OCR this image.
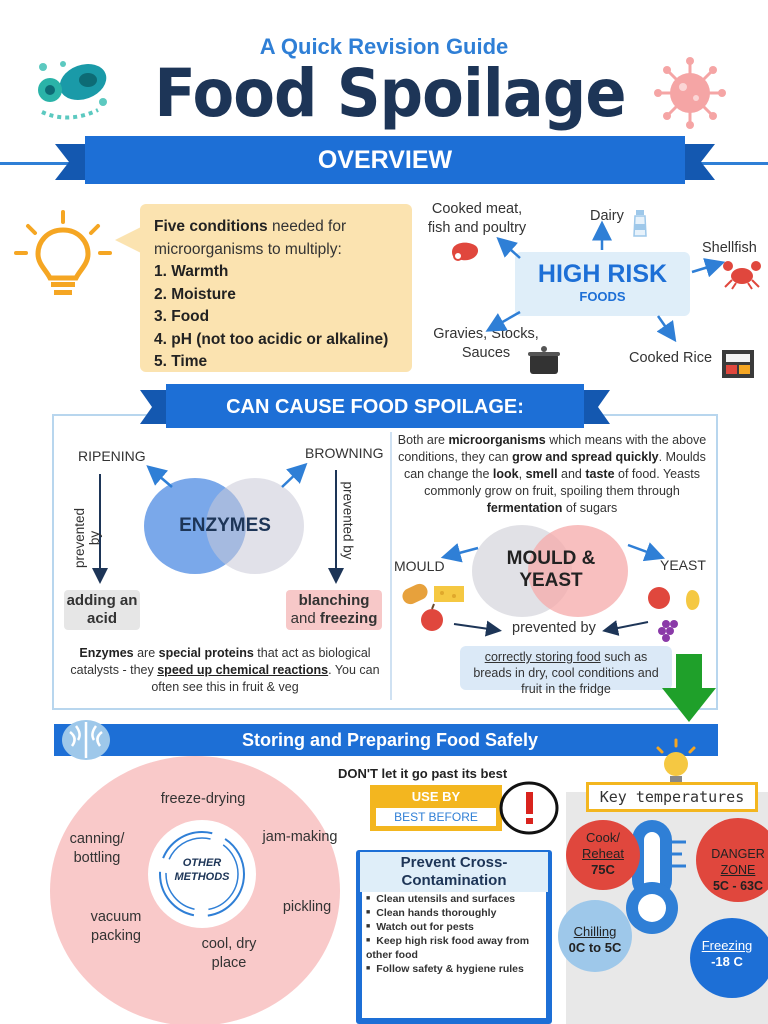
A Quick Revision Guide
Food Spoilage
OVERVIEW
Five conditions needed for microorganisms to multiply:
1. Warmth
2. Moisture
3. Food
4. pH (not too acidic or alkaline)
5. Time
HIGH RISK
FOODS
Cooked meat, fish and poultry
Dairy
Shellfish
Gravies, Stocks, Sauces	Cooked Rice
CAN CAUSE FOOD SPOILAGE:
ENZYMES
RIPENING	BROWNING
prevented by	prevented by
adding an acid
blanching
and freezing
Enzymes are special proteins that act as biological catalysts - they speed up chemical reactions. You can often see this in fruit & veg
Both are microorganisms which means with the above conditions, they can grow and spread quickly. Moulds can change the look, smell and taste of food. Yeasts commonly grow on fruit, spoiling them through fermentation of sugars
MOULD &
YEAST
MOULD	YEAST
prevented by
correctly storing food such as breads in dry, cool conditions and fruit in the fridge
Storing and Preparing Food Safely
OTHER
METHODS
freeze-drying
canning/ bottling
jam-making
pickling
vacuum packing	cool, dry place
DON'T let it go past its best
USE BY
BEST BEFORE
Prevent Cross-Contamination
■ Clean utensils and surfaces
■ Clean hands thoroughly
■ Watch out for pests
■ Keep high risk food away from other food
■ Follow safety & hygiene rules
Key temperatures
Cook/
Reheat
75C
DANGER
ZONE
5C - 63C
Chilling
0C to 5C	Freezing
-18 C
